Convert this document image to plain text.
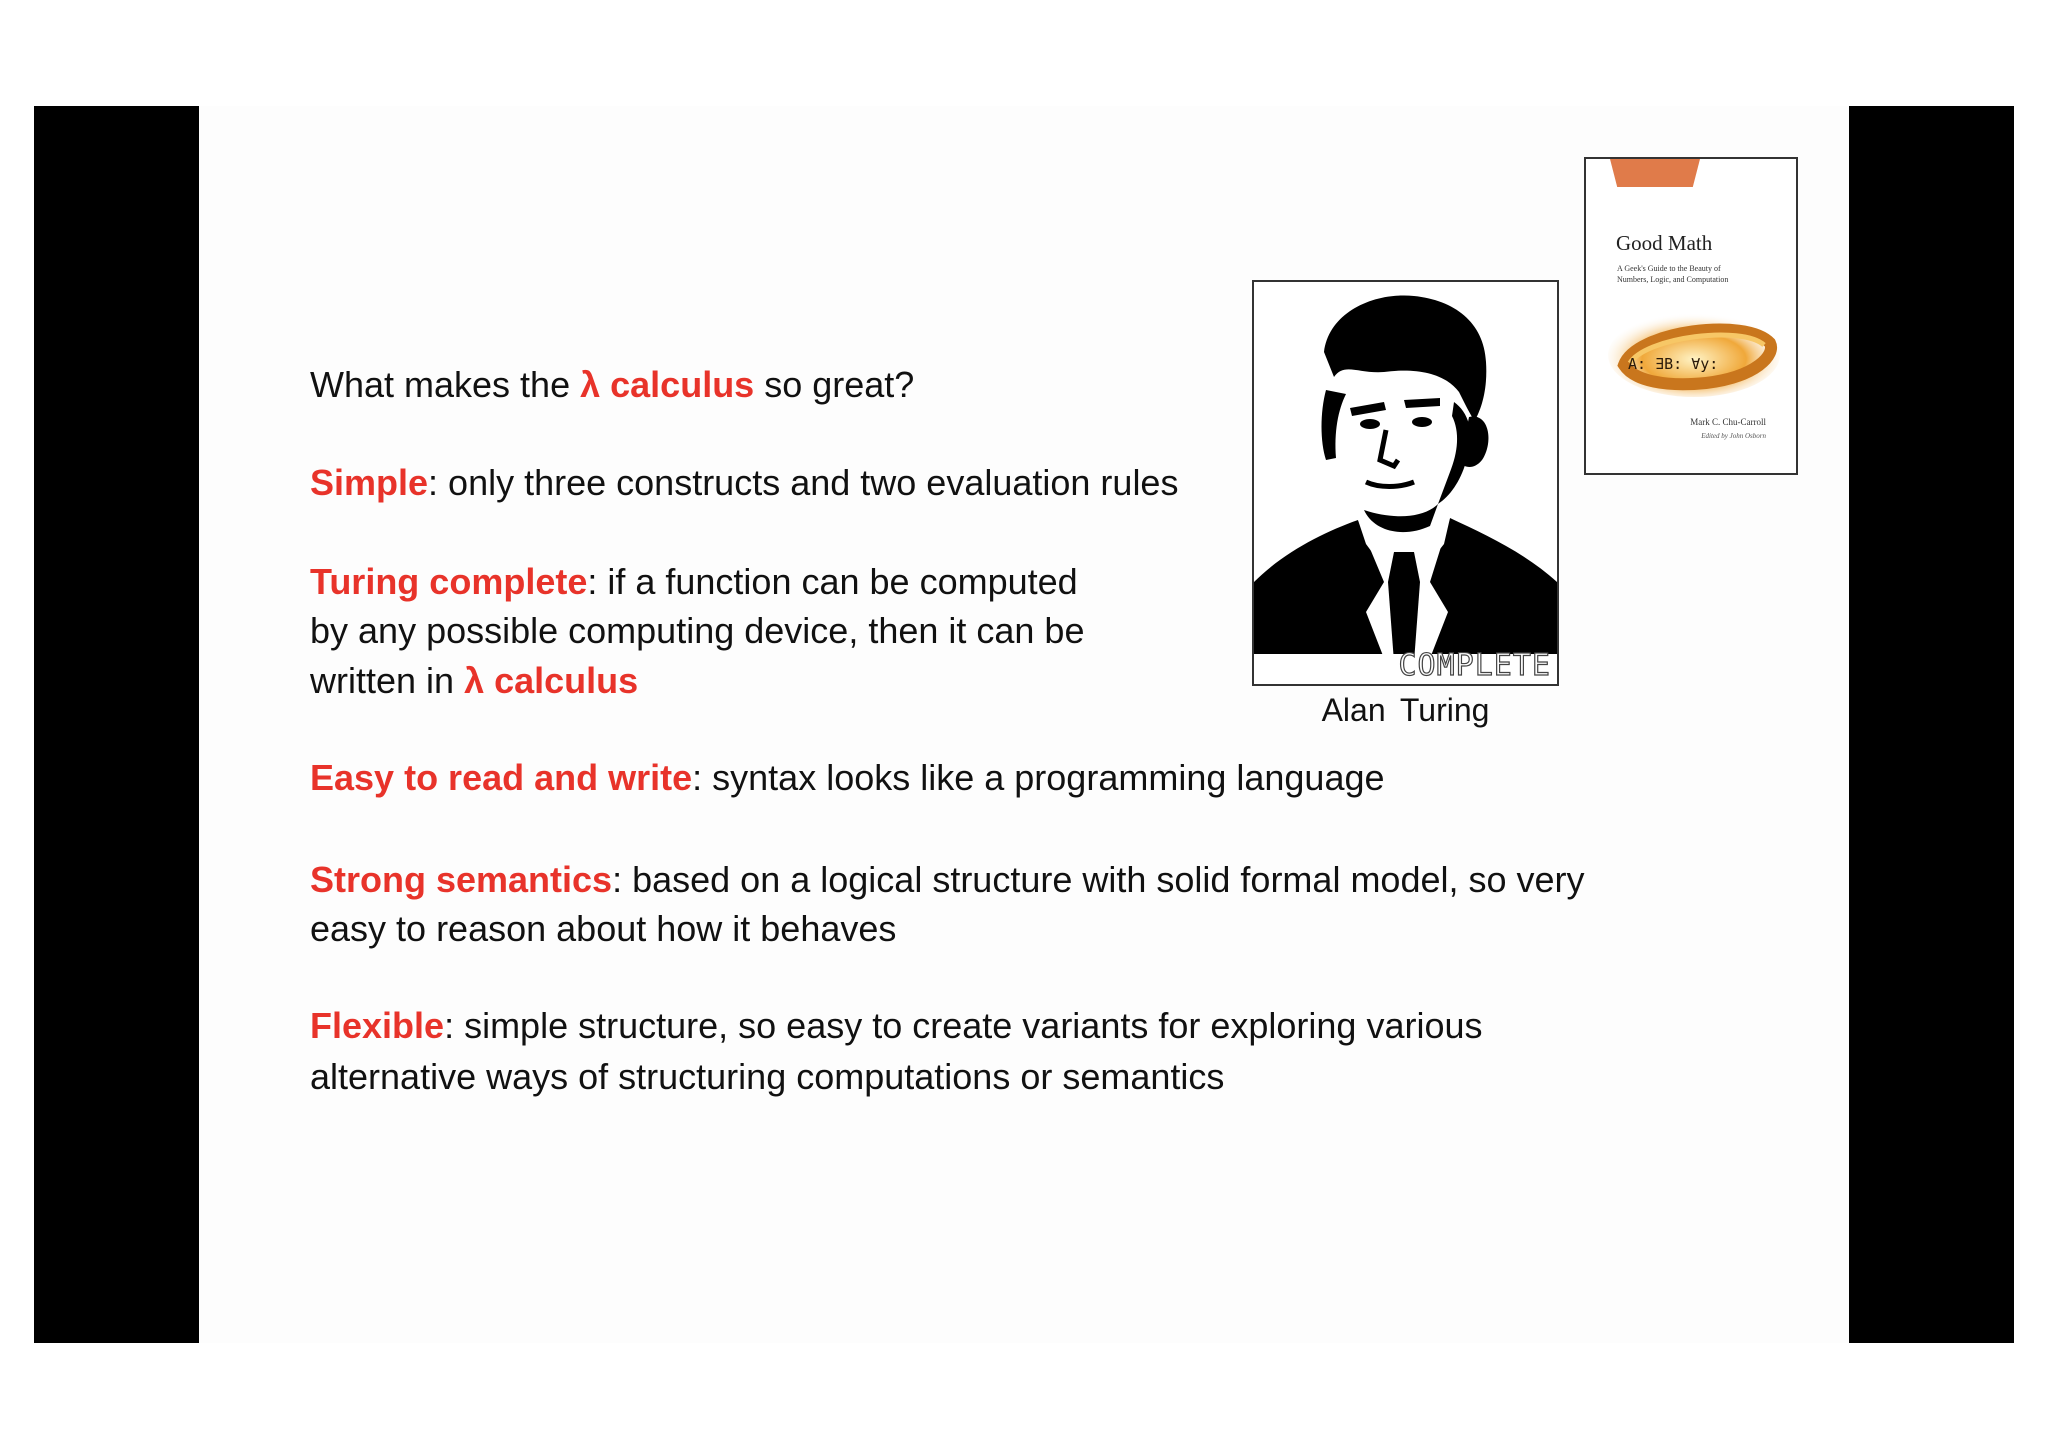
What makes the λ calculus so great?
Simple: only three constructs and two evaluation rules
Turing complete: if a function can be computed
by any possible computing device, then it can be
written in λ calculus
Easy to read and write: syntax looks like a programming language
Strong semantics: based on a logical structure with solid formal model, so very
easy to reason about how it behaves
Flexible: simple structure, so easy to create variants for exploring various
alternative ways of structuring computations or semantics
COMPLETE
Alan Turing
Good Math
A Geek's Guide to the Beauty of
Numbers, Logic, and Computation
A: ∃B: ∀y:
Mark C. Chu-Carroll
Edited by John Osborn
